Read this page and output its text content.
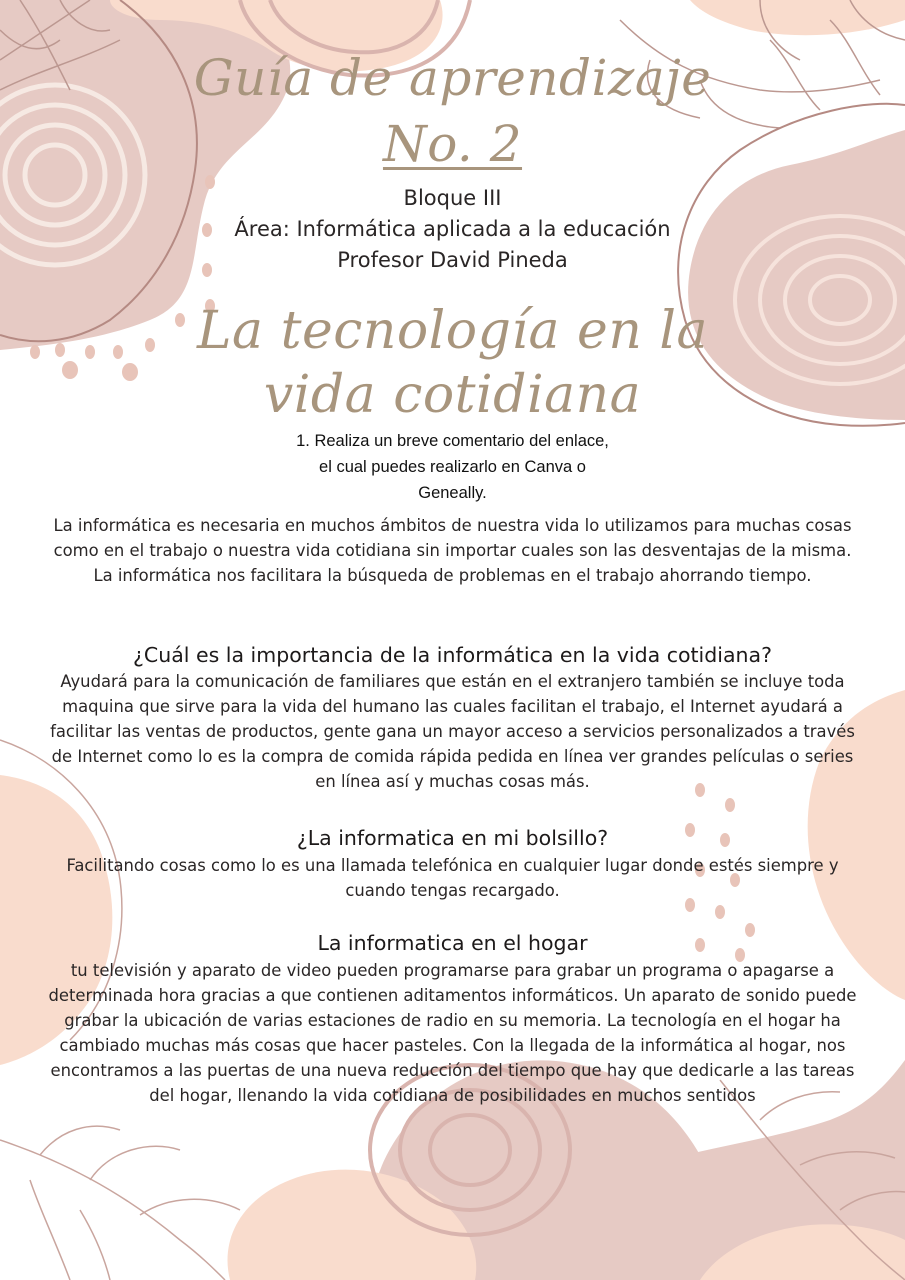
Guía de aprendizaje
No. 2
Bloque III
Área: Informática aplicada a la educación
Profesor David Pineda
La tecnología en la
vida cotidiana
1. Realiza un breve comentario del enlace,
el cual puedes realizarlo en Canva o
Geneally.
La informática es necesaria en muchos ámbitos de nuestra vida lo utilizamos para muchas cosas
como en el trabajo o nuestra vida cotidiana sin importar cuales son las desventajas de la misma.
La informática nos facilitara la búsqueda de problemas en el trabajo ahorrando tiempo.
¿Cuál es la importancia de la informática en la vida cotidiana?
Ayudará para la comunicación de familiares que están en el extranjero también se incluye toda
maquina que sirve para la vida del humano las cuales facilitan el trabajo, el Internet ayudará a
facilitar las ventas de productos, gente gana un mayor acceso a servicios personalizados a través
de Internet como lo es la compra de comida rápida pedida en línea ver grandes películas o series
en línea así y muchas cosas más.
¿La informatica en mi bolsillo?
Facilitando cosas como lo es una llamada telefónica en cualquier lugar donde estés siempre y
cuando tengas recargado.
La informatica en el hogar
tu televisión y aparato de video pueden programarse para grabar un programa o apagarse a
determinada hora gracias a que contienen aditamentos informáticos. Un aparato de sonido puede
grabar la ubicación de varias estaciones de radio en su memoria. La tecnología en el hogar ha
cambiado muchas más cosas que hacer pasteles. Con la llegada de la informática al hogar, nos
encontramos a las puertas de una nueva reducción del tiempo que hay que dedicarle a las tareas
del hogar, llenando la vida cotidiana de posibilidades en muchos sentidos
